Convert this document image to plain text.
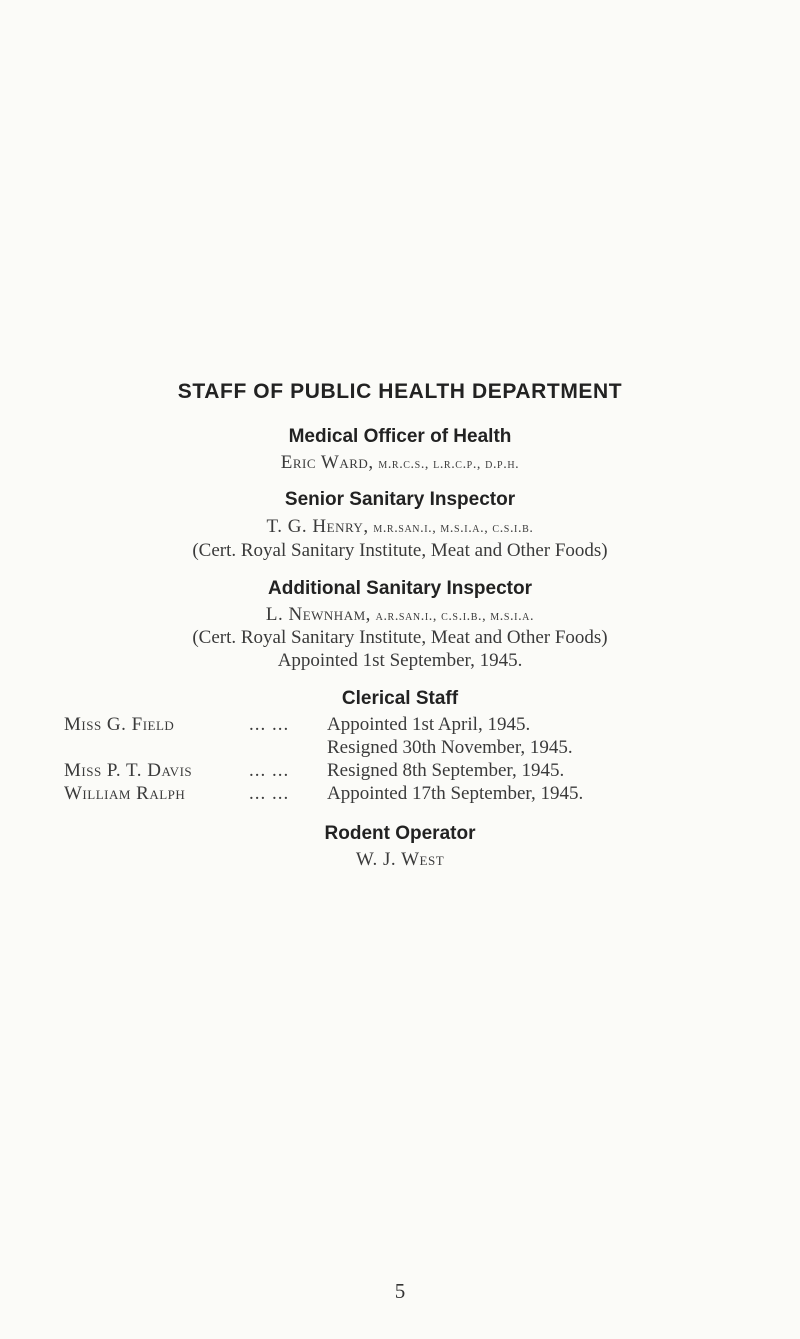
STAFF OF PUBLIC HEALTH DEPARTMENT
Medical Officer of Health
Eric Ward, m.r.c.s., l.r.c.p., d.p.h.
Senior Sanitary Inspector
T. G. Henry, m.r.san.i., m.s.i.a., c.s.i.b.
(Cert. Royal Sanitary Institute, Meat and Other Foods)
Additional Sanitary Inspector
L. Newnham, a.r.san.i., c.s.i.b., m.s.i.a.
(Cert. Royal Sanitary Institute, Meat and Other Foods)
Appointed 1st September, 1945.
Clerical Staff
Miss G. Field	... ... Appointed 1st April, 1945.
Resigned 30th November, 1945.
Miss P. T. Davis	... ... Resigned 8th September, 1945.
William Ralph	... ... Appointed 17th September, 1945.
Rodent Operator
W. J. West
5
